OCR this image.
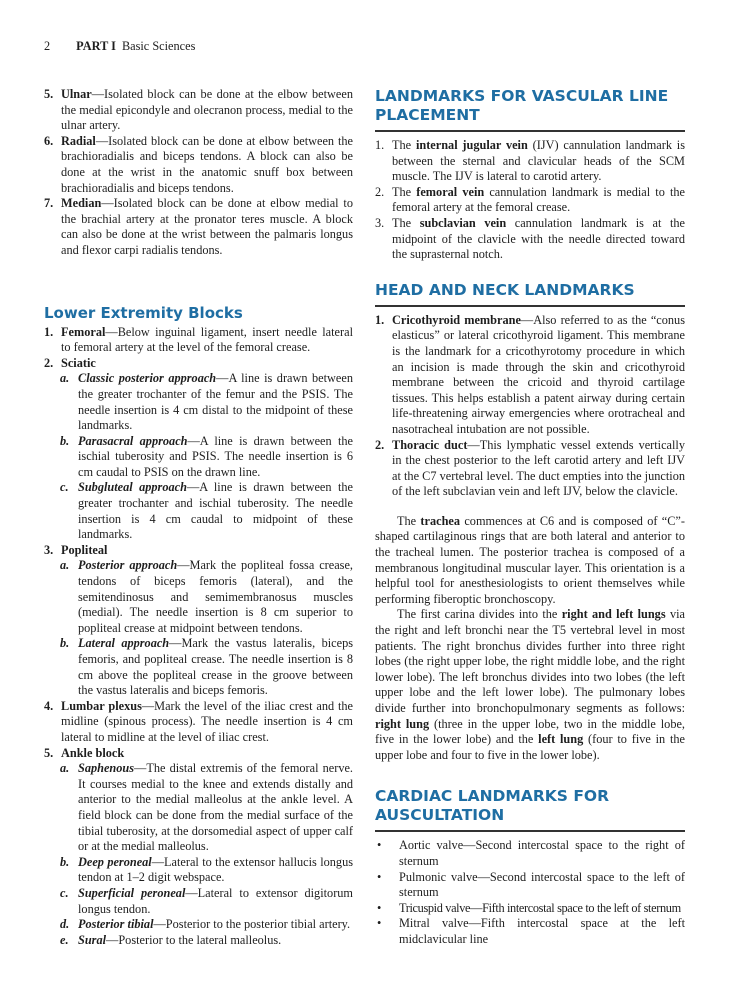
2 PART I Basic Sciences
5. Ulnar—Isolated block can be done at the elbow between the medial epicondyle and olecranon process, medial to the ulnar artery.
6. Radial—Isolated block can be done at elbow between the brachioradialis and biceps tendons. A block can also be done at the wrist in the anatomic snuff box between brachioradialis and biceps tendons.
7. Median—Isolated block can be done at elbow medial to the brachial artery at the pronator teres muscle. A block can also be done at the wrist between the palmaris longus and flexor carpi radialis tendons.
Lower Extremity Blocks
1. Femoral—Below inguinal ligament, insert needle lateral to femoral artery at the level of the femoral crease.
2. Sciatic
a. Classic posterior approach—A line is drawn between the greater trochanter of the femur and the PSIS. The needle insertion is 4 cm distal to the midpoint of these landmarks.
b. Parasacral approach—A line is drawn between the ischial tuberosity and PSIS. The needle insertion is 6 cm caudal to PSIS on the drawn line.
c. Subgluteal approach—A line is drawn between the greater trochanter and ischial tuberosity. The needle insertion is 4 cm caudal to midpoint of these landmarks.
3. Popliteal
a. Posterior approach—Mark the popliteal fossa crease, tendons of biceps femoris (lateral), and the semitendinosus and semimembranosus muscles (medial). The needle insertion is 8 cm superior to popliteal crease at midpoint between tendons.
b. Lateral approach—Mark the vastus lateralis, biceps femoris, and popliteal crease. The needle insertion is 8 cm above the popliteal crease in the groove between the vastus lateralis and biceps femoris.
4. Lumbar plexus—Mark the level of the iliac crest and the midline (spinous process). The needle insertion is 4 cm lateral to midline at the level of iliac crest.
5. Ankle block
a. Saphenous—The distal extremis of the femoral nerve. It courses medial to the knee and extends distally and anterior to the medial malleolus at the ankle level. A field block can be done from the medial surface of the tibial tuberosity, at the dorsomedial aspect of upper calf or at the medial malleolus.
b. Deep peroneal—Lateral to the extensor hallucis longus tendon at 1–2 digit webspace.
c. Superficial peroneal—Lateral to extensor digitorum longus tendon.
d. Posterior tibial—Posterior to the posterior tibial artery.
e. Sural—Posterior to the lateral malleolus.
LANDMARKS FOR VASCULAR LINE PLACEMENT
1. The internal jugular vein (IJV) cannulation landmark is between the sternal and clavicular heads of the SCM muscle. The IJV is lateral to carotid artery.
2. The femoral vein cannulation landmark is medial to the femoral artery at the femoral crease.
3. The subclavian vein cannulation landmark is at the midpoint of the clavicle with the needle directed toward the suprasternal notch.
HEAD AND NECK LANDMARKS
1. Cricothyroid membrane—Also referred to as the “conus elasticus” or lateral cricothyroid ligament. This membrane is the landmark for a cricothyrotomy procedure in which an incision is made through the skin and cricothyroid membrane between the cricoid and thyroid cartilage tissues. This helps establish a patent airway during certain life-threatening airway emergencies where orotracheal and nasotracheal intubation are not possible.
2. Thoracic duct—This lymphatic vessel extends vertically in the chest posterior to the left carotid artery and left IJV at the C7 vertebral level. The duct empties into the junction of the left subclavian vein and left IJV, below the clavicle.

The trachea commences at C6 and is composed of “C”-shaped cartilaginous rings that are both lateral and anterior to the tracheal lumen. The posterior trachea is composed of a membranous longitudinal muscular layer. This orientation is a helpful tool for anesthesiologists to orient themselves while performing fiberoptic bronchoscopy.

The first carina divides into the right and left lungs via the right and left bronchi near the T5 vertebral level in most patients. The right bronchus divides further into three right lobes (the right upper lobe, the right middle lobe, and the right lower lobe). The left bronchus divides into two lobes (the left upper lobe and the left lower lobe). The pulmonary lobes divide further into bronchopulmonary segments as follows: right lung (three in the upper lobe, two in the middle lobe, five in the lower lobe) and the left lung (four to five in the upper lobe and four to five in the lower lobe).

CARDIAC LANDMARKS FOR AUSCULTATION
•	Aortic valve—Second intercostal space to the right of sternum
•	Pulmonic valve—Second intercostal space to the left of sternum
•	Tricuspid valve—Fifth intercostal space to the left of sternum
•	Mitral valve—Fifth intercostal space at the left midclavicular line
